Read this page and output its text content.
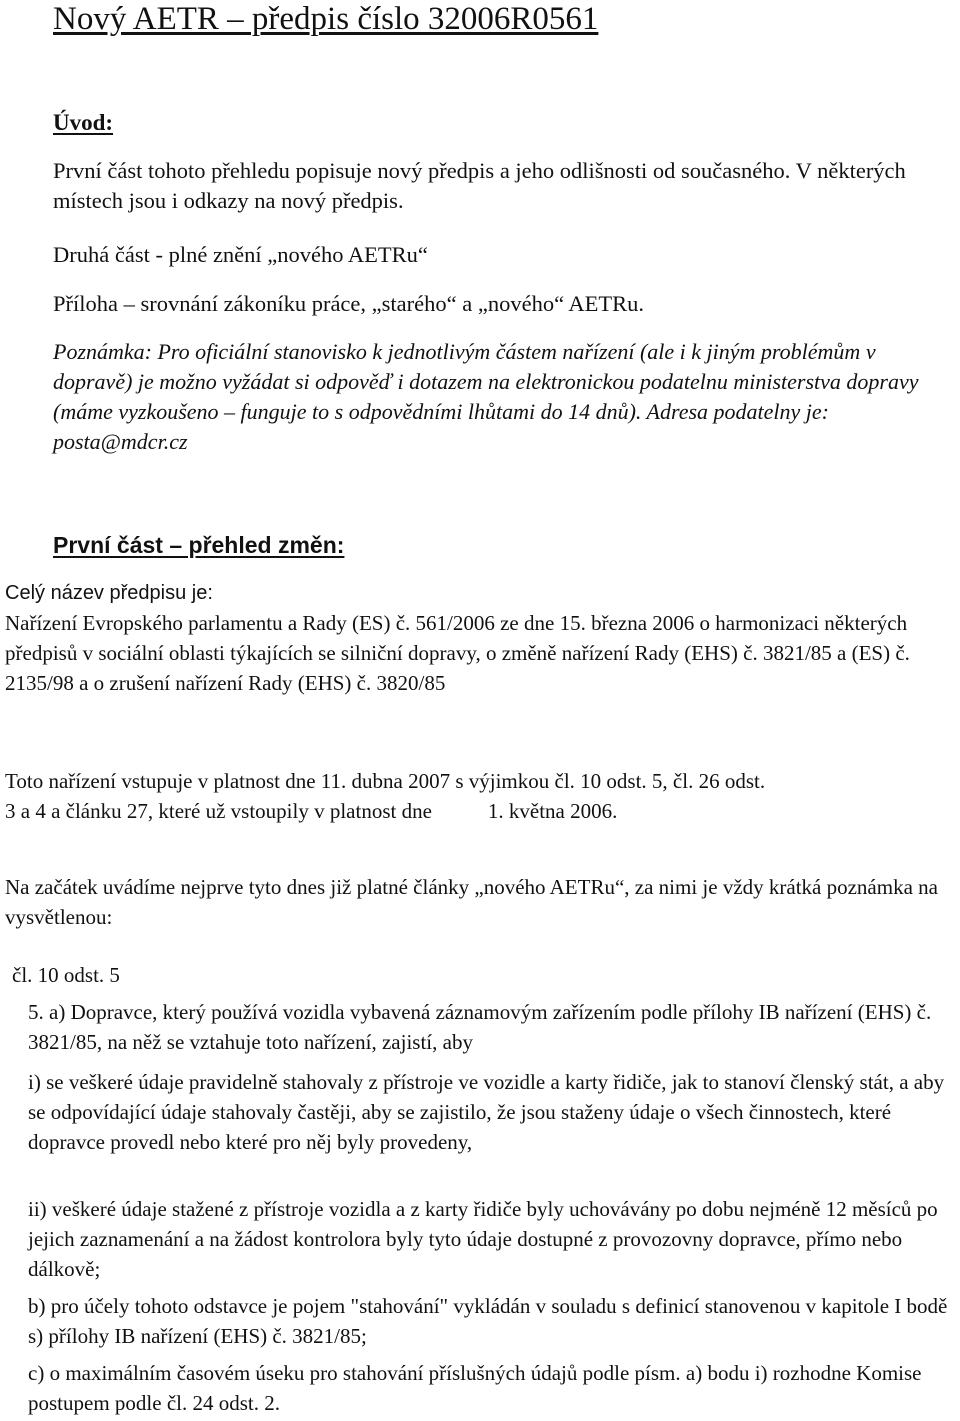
Nový AETR – předpis číslo 32006R0561
Úvod:

První část tohoto přehledu popisuje nový předpis a jeho odlišnosti od současného. V některých místech jsou i odkazy na nový předpis.

Druhá část - plné znění „nového AETRu“

Příloha – srovnání zákoníku práce, „starého“ a „nového“ AETRu.

Poznámka: Pro oficiální stanovisko k jednotlivým částem nařízení (ale i k jiným problémům v dopravě) je možno vyžádat si odpověď i dotazem na elektronickou podatelnu ministerstva dopravy (máme vyzkoušeno – funguje to s odpovědními lhůtami do 14 dnů). Adresa podatelny je: posta@mdcr.cz

První část – přehled změn:

Celý název předpisu je:

Nařízení Evropského parlamentu a Rady (ES) č. 561/2006 ze dne 15. března 2006 o harmonizaci některých předpisů v sociální oblasti týkajících se silniční dopravy, o změně nařízení Rady (EHS) č. 3821/85 a (ES) č. 2135/98 a o zrušení nařízení Rady (EHS) č. 3820/85

Toto nařízení vstupuje v platnost dne 11. dubna 2007 s výjimkou čl. 10 odst. 5, čl. 26 odst.

3 a 4 a článku 27, které už vstoupily v platnost dne	1. května 2006.

Na začátek uvádíme nejprve tyto dnes již platné články „nového AETRu“, za nimi je vždy krátká poznámka na vysvětlenou:

čl. 10 odst. 5

5. a) Dopravce, který používá vozidla vybavená záznamovým zařízením podle přílohy IB nařízení (EHS) č. 3821/85, na něž se vztahuje toto nařízení, zajistí, aby

i) se veškeré údaje pravidelně stahovaly z přístroje ve vozidle a karty řidiče, jak to stanoví členský stát, a aby se odpovídající údaje stahovaly častěji, aby se zajistilo, že jsou staženy údaje o všech činnostech, které dopravce provedl nebo které pro něj byly provedeny,

ii) veškeré údaje stažené z přístroje vozidla a z karty řidiče byly uchovávány po dobu nejméně 12 měsíců po jejich zaznamenání a na žádost kontrolora byly tyto údaje dostupné z provozovny dopravce, přímo nebo dálkově;

b) pro účely tohoto odstavce je pojem "stahování" vykládán v souladu s definicí stanovenou v kapitole I bodě s) přílohy IB nařízení (EHS) č. 3821/85;

c) o maximálním časovém úseku pro stahování příslušných údajů podle písm. a) bodu i) rozhodne Komise postupem podle čl. 24 odst. 2.
